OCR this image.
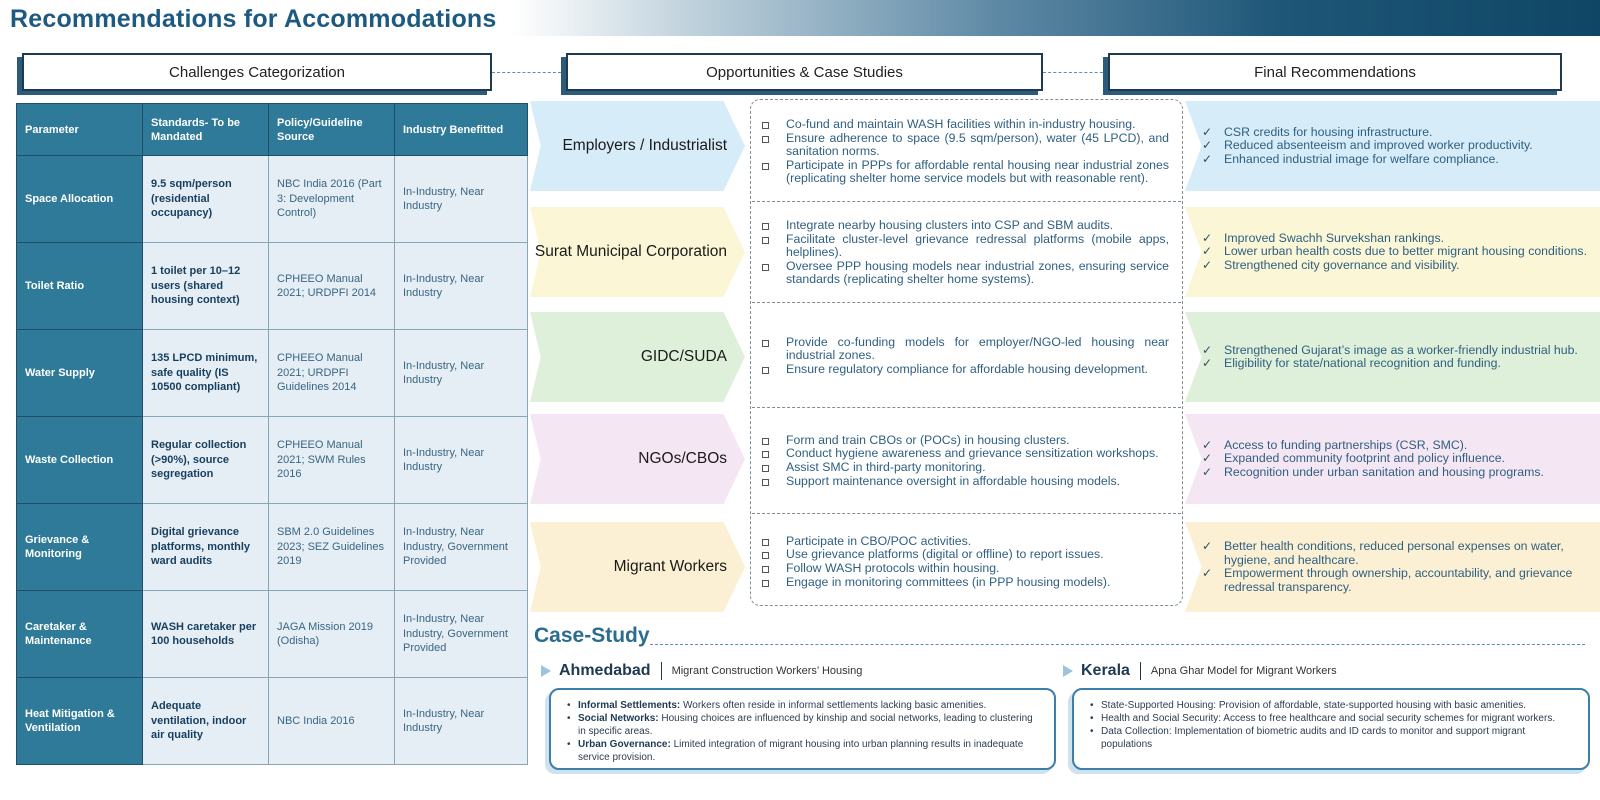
Recommendations for Accommodations
Challenges Categorization	Opportunities & Case Studies	Final Recommendations
Parameter	Standards- To be Mandated	Policy/Guideline Source	Industry Benefitted
Space Allocation	9.5 sqm/person (residential occupancy)	NBC India 2016 (Part 3: Development Control)	In-Industry, Near Industry
Toilet Ratio	1 toilet per 10–12 users (shared housing context)	CPHEEO Manual 2021; URDPFI 2014	In-Industry, Near Industry
Water Supply	135 LPCD minimum, safe quality (IS 10500 compliant)	CPHEEO Manual 2021; URDPFI Guidelines 2014	In-Industry, Near Industry
Waste Collection	Regular collection (>90%), source segregation	CPHEEO Manual 2021; SWM Rules 2016	In-Industry, Near Industry
Grievance & Monitoring	Digital grievance platforms, monthly ward audits	SBM 2.0 Guidelines 2023; SEZ Guidelines 2019	In-Industry, Near Industry, Government Provided
Caretaker & Maintenance	WASH caretaker per 100 households	JAGA Mission 2019 (Odisha)	In-Industry, Near Industry, Government Provided
Heat Mitigation & Ventilation	Adequate ventilation, indoor air quality	NBC India 2016	In-Industry, Near Industry
Employers / Industrialist
✓ CSR credits for housing infrastructure.
✓ Reduced absenteeism and improved worker productivity.
✓ Enhanced industrial image for welfare compliance.
Surat Municipal Corporation
✓ Improved Swachh Survekshan rankings.
✓ Lower urban health costs due to better migrant housing conditions.
✓ Strengthened city governance and visibility.
GIDC/SUDA	✓ Strengthened Gujarat’s image as a worker-friendly industrial hub.
✓ Eligibility for state/national recognition and funding.
NGOs/CBOs
✓ Access to funding partnerships (CSR, SMC).
✓ Expanded community footprint and policy influence.
✓ Recognition under urban sanitation and housing programs.
Migrant Workers
✓ Better health conditions, reduced personal expenses on water, hygiene, and healthcare.
✓ Empowerment through ownership, accountability, and grievance redressal transparency.
Co-fund and maintain WASH facilities within in-industry housing.
Ensure adherence to space (9.5 sqm/person), water (45 LPCD), and sanitation norms.
Participate in PPPs for affordable rental housing near industrial zones (replicating shelter home service models but with reasonable rent).
Integrate nearby housing clusters into CSP and SBM audits.
Facilitate cluster-level grievance redressal platforms (mobile apps, helplines).
Oversee PPP housing models near industrial zones, ensuring service standards (replicating shelter home systems).
Provide co-funding models for employer/NGO-led housing near industrial zones.
Ensure regulatory compliance for affordable housing development.
Form and train CBOs or (POCs) in housing clusters.
Conduct hygiene awareness and grievance sensitization workshops.
Assist SMC in third-party monitoring.
Support maintenance oversight in affordable housing models.
Participate in CBO/POC activities.
Use grievance platforms (digital or offline) to report issues.
Follow WASH protocols within housing.
Engage in monitoring committees (in PPP housing models).
Case-Study
Ahmedabad	Migrant Construction Workers’ Housing
• Informal Settlements: Workers often reside in informal settlements lacking basic amenities.
• Social Networks: Housing choices are influenced by kinship and social networks, leading to clustering in specific areas.
• Urban Governance: Limited integration of migrant housing into urban planning results in inadequate service provision.
Kerala	Apna Ghar Model for Migrant Workers
• State-Supported Housing: Provision of affordable, state-supported housing with basic amenities.
• Health and Social Security: Access to free healthcare and social security schemes for migrant workers.
• Data Collection: Implementation of biometric audits and ID cards to monitor and support migrant populations
